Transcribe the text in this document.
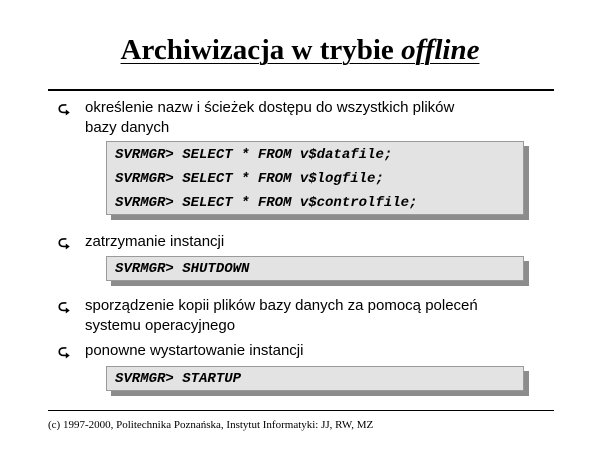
Archiwizacja w trybie offline
⮎ określenie nazw i ścieżek dostępu do wszystkich plików
bazy danych
SVRMGR> SELECT * FROM v$datafile;
SVRMGR> SELECT * FROM v$logfile;
SVRMGR> SELECT * FROM v$controlfile;
⮎ zatrzymanie instancji
SVRMGR> SHUTDOWN
⮎ sporządzenie kopii plików bazy danych za pomocą poleceń
systemu operacyjnego
⮎ ponowne wystartowanie instancji
SVRMGR> STARTUP
(c) 1997-2000, Politechnika Poznańska, Instytut Informatyki: JJ, RW, MZ
